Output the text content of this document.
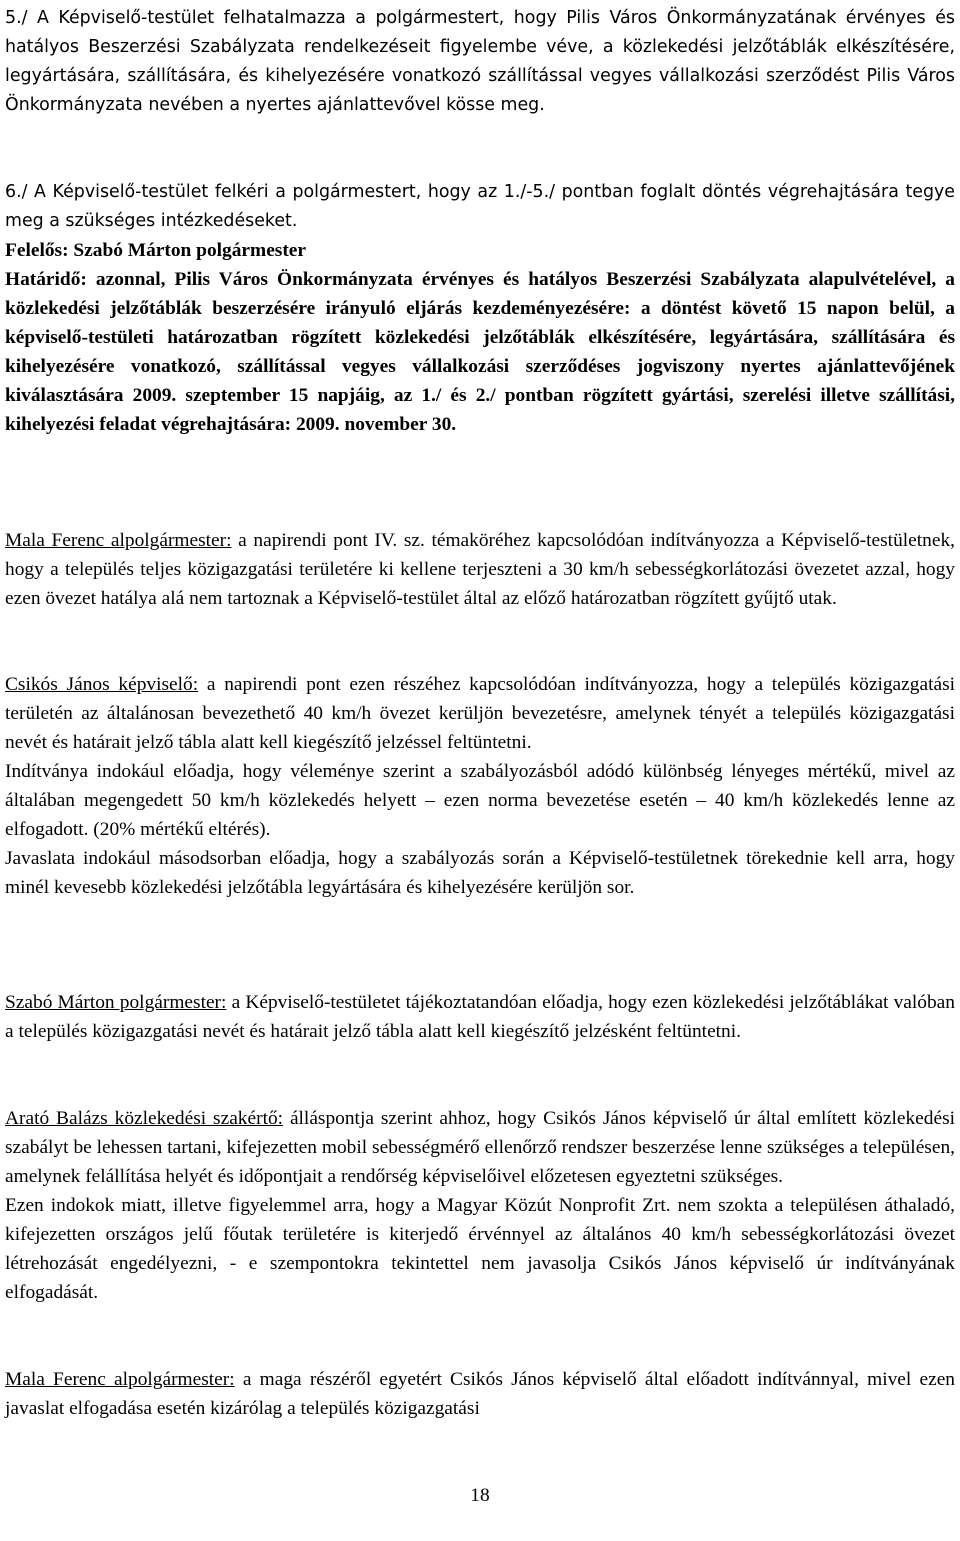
5./ A Képviselő-testület felhatalmazza a polgármestert, hogy Pilis Város Önkormányzatának érvényes és hatályos Beszerzési Szabályzata rendelkezéseit figyelembe véve, a közlekedési jelzőtáblák elkészítésére, legyártására, szállítására, és kihelyezésére vonatkozó szállítással vegyes vállalkozási szerződést Pilis Város Önkormányzata nevében a nyertes ajánlattevővel kösse meg.

6./ A Képviselő-testület felkéri a polgármestert, hogy az 1./-5./ pontban foglalt döntés végrehajtására tegye meg a szükséges intézkedéseket.

Felelős: Szabó Márton polgármester

Határidő: azonnal, Pilis Város Önkormányzata érvényes és hatályos Beszerzési Szabályzata alapulvételével, a közlekedési jelzőtáblák beszerzésére irányuló eljárás kezdeményezésére: a döntést követő 15 napon belül, a képviselő-testületi határozatban rögzített közlekedési jelzőtáblák elkészítésére, legyártására, szállítására és kihelyezésére vonatkozó, szállítással vegyes vállalkozási szerződéses jogviszony nyertes ajánlattevőjének kiválasztására 2009. szeptember 15 napjáig, az 1./ és 2./ pontban rögzített gyártási, szerelési illetve szállítási, kihelyezési feladat végrehajtására: 2009. november 30.

Mala Ferenc alpolgármester: a napirendi pont IV. sz. témaköréhez kapcsolódóan indítványozza a Képviselő-testületnek, hogy a település teljes közigazgatási területére ki kellene terjeszteni a 30 km/h sebességkorlátozási övezetet azzal, hogy ezen övezet hatálya alá nem tartoznak a Képviselő-testület által az előző határozatban rögzített gyűjtő utak.

Csikós János képviselő: a napirendi pont ezen részéhez kapcsolódóan indítványozza, hogy a település közigazgatási területén az általánosan bevezethető 40 km/h övezet kerüljön bevezetésre, amelynek tényét a település közigazgatási nevét és határait jelző tábla alatt kell kiegészítő jelzéssel feltüntetni.

Indítványa indokául előadja, hogy véleménye szerint a szabályozásból adódó különbség lényeges mértékű, mivel az általában megengedett 50 km/h közlekedés helyett – ezen norma bevezetése esetén – 40 km/h közlekedés lenne az elfogadott. (20% mértékű eltérés).

Javaslata indokául másodsorban előadja, hogy a szabályozás során a Képviselő-testületnek törekednie kell arra, hogy minél kevesebb közlekedési jelzőtábla legyártására és kihelyezésére kerüljön sor.

Szabó Márton polgármester: a Képviselő-testületet tájékoztatandóan előadja, hogy ezen közlekedési jelzőtáblákat valóban a település közigazgatási nevét és határait jelző tábla alatt kell kiegészítő jelzésként feltüntetni.

Arató Balázs közlekedési szakértő: álláspontja szerint ahhoz, hogy Csikós János képviselő úr által említett közlekedési szabályt be lehessen tartani, kifejezetten mobil sebességmérő ellenőrző rendszer beszerzése lenne szükséges a településen, amelynek felállítása helyét és időpontjait a rendőrség képviselőivel előzetesen egyeztetni szükséges.

Ezen indokok miatt, illetve figyelemmel arra, hogy a Magyar Közút Nonprofit Zrt. nem szokta a településen áthaladó, kifejezetten országos jelű főutak területére is kiterjedő érvénnyel az általános 40 km/h sebességkorlátozási övezet létrehozását engedélyezni, - e szempontokra tekintettel nem javasolja Csikós János képviselő úr indítványának elfogadását.

Mala Ferenc alpolgármester: a maga részéről egyetért Csikós János képviselő által előadott indítvánnyal, mivel ezen javaslat elfogadása esetén kizárólag a település közigazgatási

18
